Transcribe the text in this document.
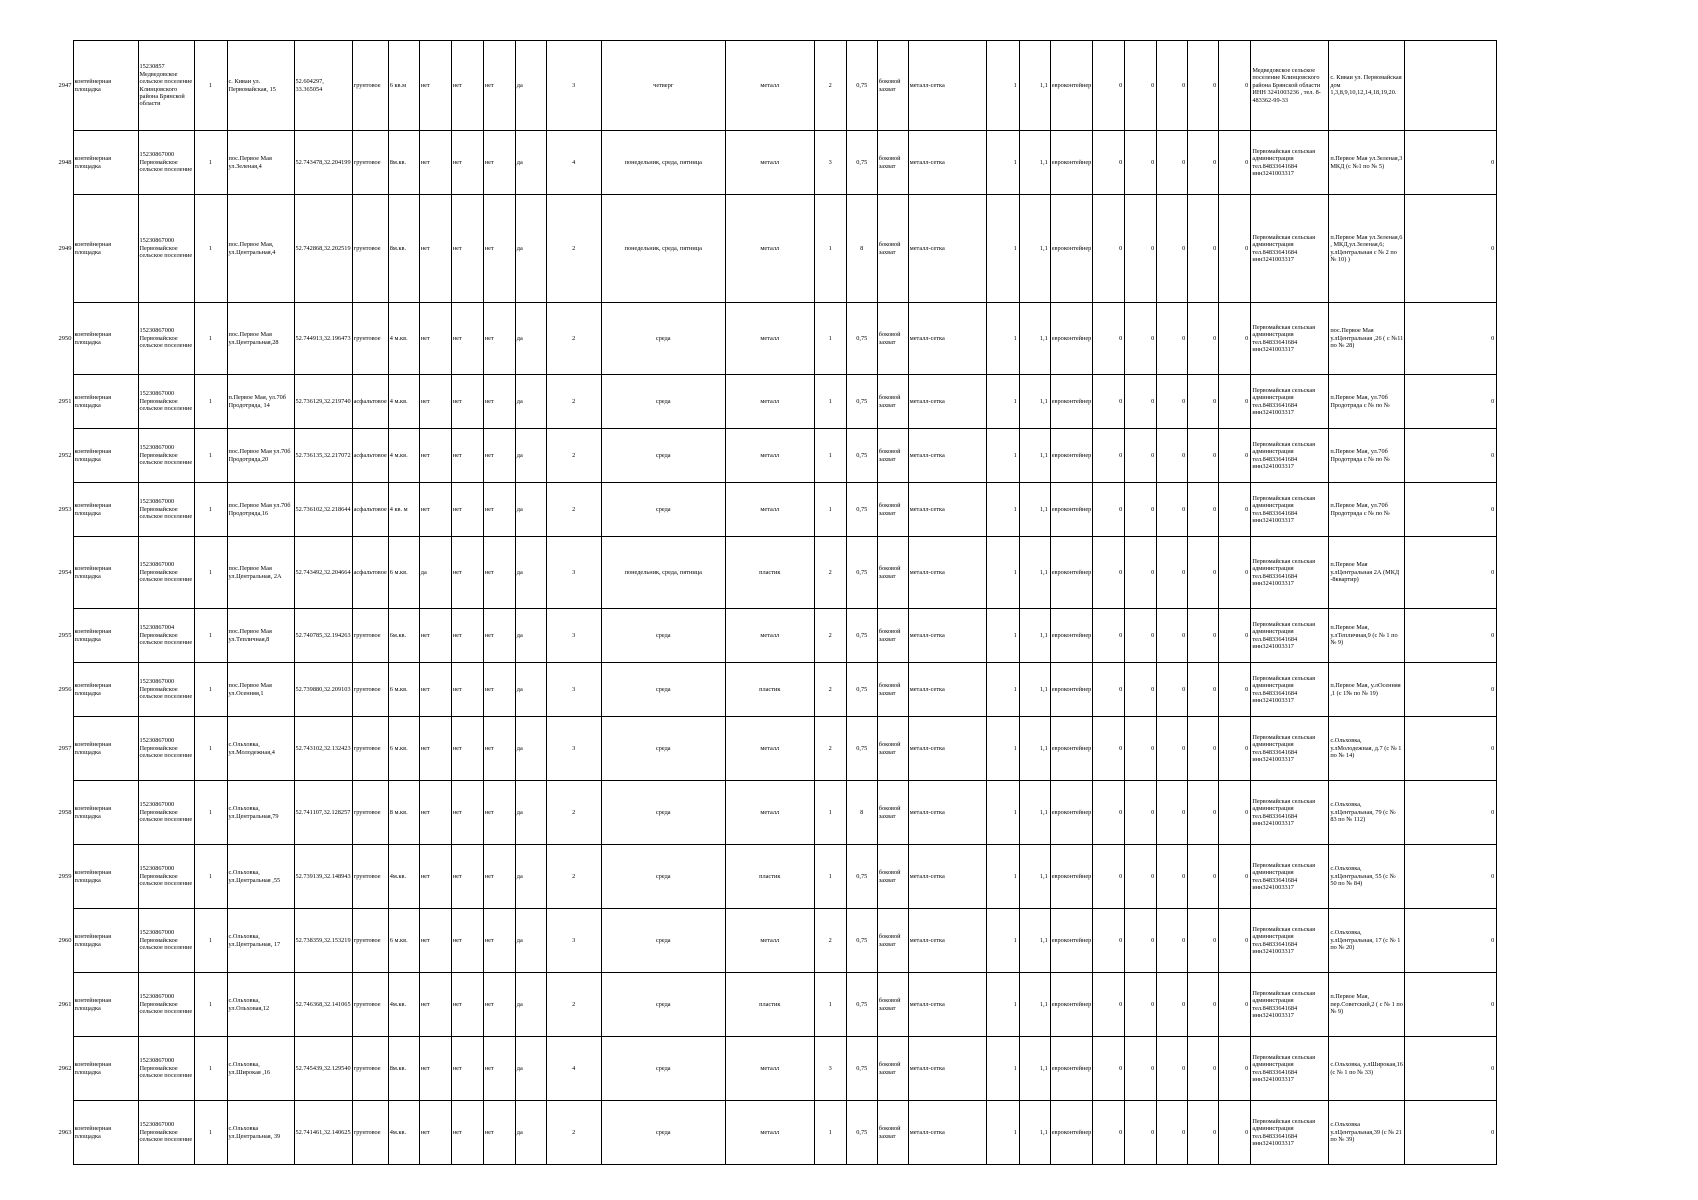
2947	контейнерная площадка	15230857 Медведовское сельское поселение Клинцовского района Брянской области	1	с. Киваи ул. Первомайская, 15	52.604297, 33.365054	грунтовое	6 кв.м	нет	нет	нет	да	3	четверг	металл	2	0,75	боковой захват	металл-сетка	1	1,1	евроконтейнер	0	0	0	0	0	Медведовское сельское поселение Клинцовского района Брянской области ИНН 3241003236 , тел. 8-483362-99-33	с. Киваи ул. Первомайская дом 1,3,8,9,10,12,14,18,19,20.	
2948	контейнерная площадка	15230867000 Первомайское сельское поселение	1	пос.Первое Мая ул.Зеленая,4	52.743478,32.204199	грунтовое	8м.кв.	нет	нет	нет	да	4	понедельник, среда, пятница	металл	3	0,75	боковой захват	металл-сетка	1	1,1	евроконтейнер	0	0	0	0	0	Первомайская сельская администрация тел.84833641684 инн3241003317	п.Первое Мая ул.Зеленая,3 МКД (с №1 по № 5)	0
2949	контейнерная площадка	15230867000 Первомайское сельское поселение	1	пос.Первое Мая, ул.Центральная,4	52.742868,32.202519	грунтовое	8м.кв.	нет	нет	нет	да	2	понедельник, среда, пятница	металл	1	8	боковой захват	металл-сетка	1	1,1	евроконтейнер	0	0	0	0	0	Первомайская сельская администрация тел.84833641684 инн3241003317	п.Первое Мая ул.Зеленая,6 , МКД,ул.Зеленая,6; у.лЦентральная с № 2 по № 10) )	0
2950	контейнерная площадка	15230867000 Первомайское сельское поселение	1	пос.Первое Мая ул.Центральная,28	52.744913,32.196473	грунтовое	4 м.кв.	нет	нет	нет	да	2	среда	металл	1	0,75	боковой захват	металл-сетка	1	1,1	евроконтейнер	0	0	0	0	0	Первомайская сельская администрация тел.84833641684 инн3241003317	пос.Первое Мая у.лЦентральная ,26 ( с №11 по № 28)	0
2951	контейнерная площадка	15230867000 Первомайское сельское поселение	1	п.Первое Мая, ул.70б Продотряда, 14	52.736129,32.219740	асфальтовое	4 м.кв.	нет	нет	нет	да	2	среда	металл	1	0,75	боковой захват	металл-сетка	1	1,1	евроконтейнер	0	0	0	0	0	Первомайская сельская администрация тел.84833641684 инн3241003317	п.Первое Мая, ул.70б Продотряда с № по №	0
2952	контейнерная площадка	15230867000 Первомайское сельское поселение	1	пос.Первое Мая ул.70б Продотряда,20	52.736135,32.217072	асфальтовое	4 м.кв.	нет	нет	нет	да	2	среда	металл	1	0,75	боковой захват	металл-сетка	1	1,1	евроконтейнер	0	0	0	0	0	Первомайская сельская администрация тел.84833641684 инн3241003317	п.Первое Мая, ул.70б Продотряда с № по №	0
2953	контейнерная площадка	15230867000 Первомайское сельское поселение	1	пос.Первое Мая ул.70б Продотряда,16	52.736102,32.218644	асфальтовое	4 кв. м	нет	нет	нет	да	2	среда	металл	1	0,75	боковой захват	металл-сетка	1	1,1	евроконтейнер	0	0	0	0	0	Первомайская сельская администрация тел.84833641684 инн3241003317	п.Первое Мая, ул.70б Продотряда с № по №	0
2954	контейнерная площадка	15230867000 Первомайское сельское поселение	1	пос.Первое Мая ул.Центральная, 2А	52.743492,32.204664	асфальтовое	6 м.кв.	да	нет	нет	да	3	понедельник, среда, пятница	пластик	2	0,75	боковой захват	металл-сетка	1	1,1	евроконтейнер	0	0	0	0	0	Первомайская сельская администрация тел.84833641684 инн3241003317	п.Первое Мая у.лЦентральная 2А (МКД -8квартир)	0
2955	контейнерная площадка	15230867004 Первомайское сельское поселение	1	пос.Первое Мая ул.Тепличная,8	52.740785,32.194263	грунтовое	6м.кв.	нет	нет	нет	да	3	среда	металл	2	0,75	боковой захват	металл-сетка	1	1,1	евроконтейнер	0	0	0	0	0	Первомайская сельская администрация тел.84833641684 инн3241003317	п.Первое Мая, у.лТепличная,9 (с № 1 по № 9)	0
2956	контейнерная площадка	15230867000 Первомайское сельское поселение	1	пос.Первое Мая ул.Осенняя,1	52.739880,32.209103	грунтовое	6 м.кв.	нет	нет	нет	да	3	среда	пластик	2	0,75	боковой захват	металл-сетка	1	1,1	евроконтейнер	0	0	0	0	0	Первомайская сельская администрация тел.84833641684 инн3241003317	п.Первое Мая, у.лОсенняя ,1 (с 1№ по № 19)	0
2957	контейнерная площадка	15230867000 Первомайское сельское поселение	1	с.Ольховка, ул.Молодежная,4	52.743102,32.132423	грунтовое	6 м.кв.	нет	нет	нет	да	3	среда	металл	2	0,75	боковой захват	металл-сетка	1	1,1	евроконтейнер	0	0	0	0	0	Первомайская сельская администрация тел.84833641684 инн3241003317	с.Ольховка, у.лМолодежная, д.7 (с № 1 по № 14)	0
2958	контейнерная площадка	15230867000 Первомайское сельское поселение	1	с.Ольховка, ул.Центральная,79	52.741107,32.128257	грунтовое	8 м.кв.	нет	нет	нет	да	2	среда	металл	1	8	боковой захват	металл-сетка	1	1,1	евроконтейнер	0	0	0	0	0	Первомайская сельская администрация тел.84833641684 инн3241003317	с.Ольховка, у.лЦентральная, 79 (с № 83 по № 112)	0
2959	контейнерная площадка	15230867000 Первомайское сельское поселение	1	с.Ольховка, ул.Центральная ,55	52.739139,32.148943	грунтовое	4м.кв.	нет	нет	нет	да	2	среда	пластик	1	0,75	боковой захват	металл-сетка	1	1,1	евроконтейнер	0	0	0	0	0	Первомайская сельская администрация тел.84833641684 инн3241003317	с.Ольховка, у.лЦентральная, 55 (с № 50 по № 84)	0
2960	контейнерная площадка	15230867000 Первомайское сельское поселение	1	с.Ольховка, ул.Центральная, 17	52.738359,32.153219	грунтовое	6 м.кв.	нет	нет	нет	да	3	среда	металл	2	0,75	боковой захват	металл-сетка	1	1,1	евроконтейнер	0	0	0	0	0	Первомайская сельская администрация тел.84833641684 инн3241003317	с.Ольховка, у.лЦентральная, 17 (с № 1 по № 20)	0
2961	контейнерная площадка	15230867000 Первомайское сельское поселение	1	с.Ольховка, ул.Ольховая,12	52.746368,32.141065	грунтовое	4м.кв.	нет	нет	нет	да	2	среда	пластик	1	0,75	боковой захват	металл-сетка	1	1,1	евроконтейнер	0	0	0	0	0	Первомайская сельская администрация тел.84833641684 инн3241003317	п.Первое Мая, пер.Советский,2 ( с № 1 по № 9)	0
2962	контейнерная площадка	15230867000 Первомайское сельское поселение	1	с.Ольховка, ул.Широкая ,16	52.745439,32.129540	грунтовое	8м.кв.	нет	нет	нет	да	4	среда	металл	3	0,75	боковой захват	металл-сетка	1	1,1	евроконтейнер	0	0	0	0	0	Первомайская сельская администрация тел.84833641684 инн3241003317	с.Ольховка, у.лШирокая,16 (с № 1 по № 33)	0
2963	контейнерная площадка	15230867000 Первомайское сельское поселение	1	с.Ольховка ул.Центральная, 39	52.741461,32.140625	грунтовое	4м.кв.	нет	нет	нет	да	2	среда	металл	1	0,75	боковой захват	металл-сетка	1	1,1	евроконтейнер	0	0	0	0	0	Первомайская сельская администрация тел.84833641684 инн3241003317	с.Ольховка у.лЦентральная,39 (с № 21 по № 39)	0
